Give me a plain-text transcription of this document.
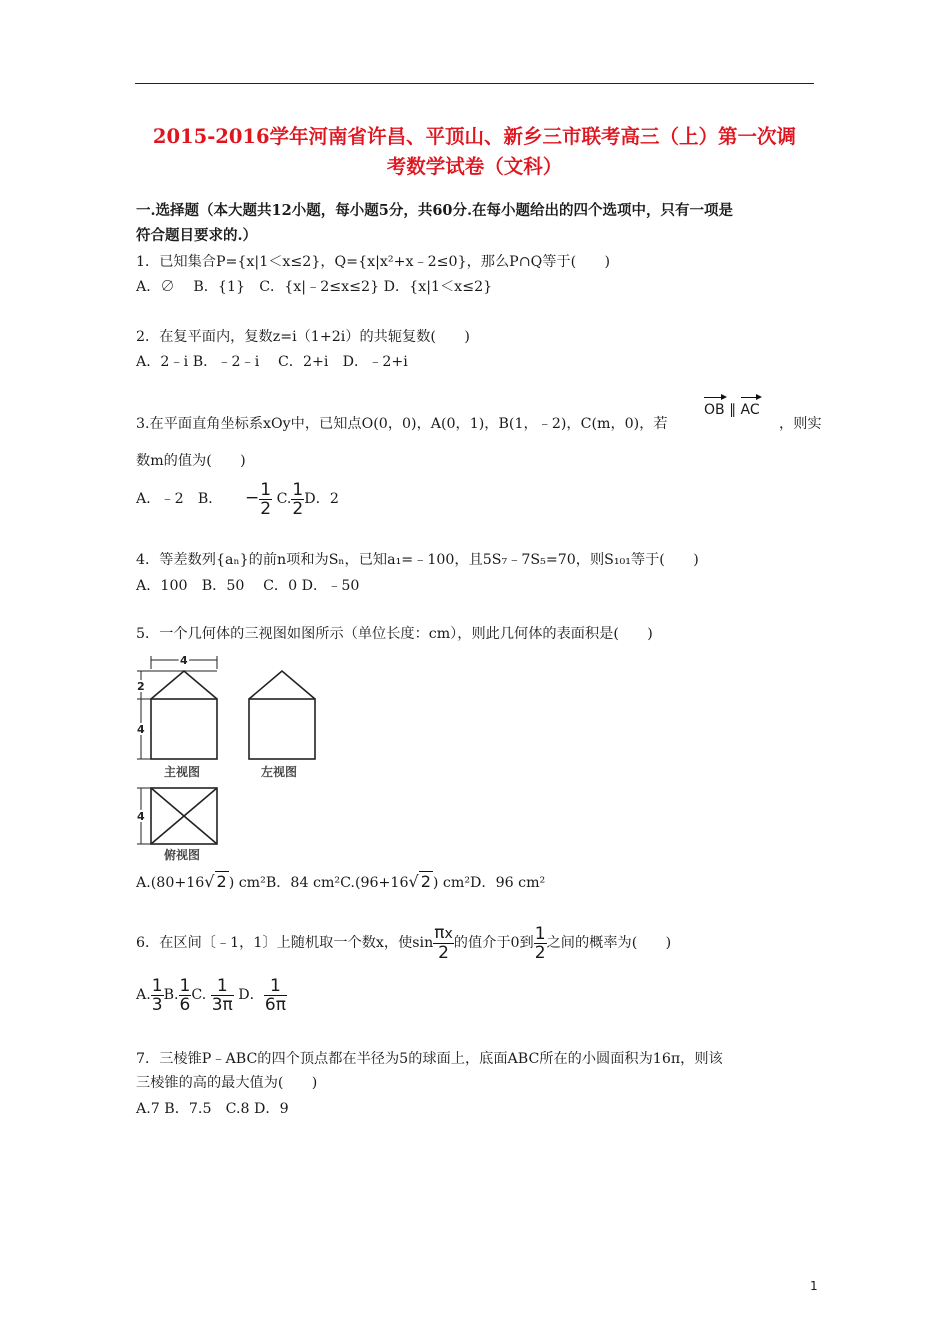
2015-2016学年河南省许昌、平顶山、新乡三市联考高三（上）第一次调
考数学试卷（文科）
一.选择题（本大题共12小题，每小题5分，共60分.在每小题给出的四个选项中，只有一项是
符合题目要求的.）
1．已知集合P={x|1＜x≤2}，Q={x|x²+x﹣2≤0}，那么P∩Q等于(　　)
A．∅　 B．{1}　C．{x|﹣2≤x≤2} D．{x|1＜x≤2}
2．在复平面内，复数z=i（1+2i）的共轭复数(　　)
A．2﹣i B．﹣2﹣i　 C．2+i　D．﹣2+i
3.在平面直角坐标系xOy中，已知点O(0，0)，A(0，1)，B(1，﹣2)，C(m，0)，若
OB ∥ AC
，则实
数m的值为(　　)
A．﹣2　B． − $\frac{1}{2} C$. $\frac{1}{2}$ D．2
4．等差数列{aₙ}的前n项和为Sₙ，已知a₁=﹣100，且5S₇﹣7S₅=70，则S₁₀₁等于(　　)
A．100　B．50　 C．0 D．﹣50
5．一个几何体的三视图如图所示（单位长度：cm），则此几何体的表面积是(　　)
4
2
4
4
主视图	左视图
俯视图
A.(80+16√ 2 ) cm²B．84 cm²C.(96+16√ 2 ) cm²D．96 cm²
6．在区间〔﹣1，1〕上随机取一个数x，使$\sin \frac{\pi x}{2}$ 的值介于0到 $\frac{1}{2}$ 之间的概率为(　　)
A. $\frac{1}{3} B$. $\frac{1}{6} C$. $\frac{1}{3\pi}$ D． $\frac{1}{6\pi}$
7．三棱锥P﹣ABC的四个顶点都在半径为5的球面上，底面ABC所在的小圆面积为16π，则该
三棱锥的高的最大值为(　　)
A.7 B．7.5　C.8 D．9
1
